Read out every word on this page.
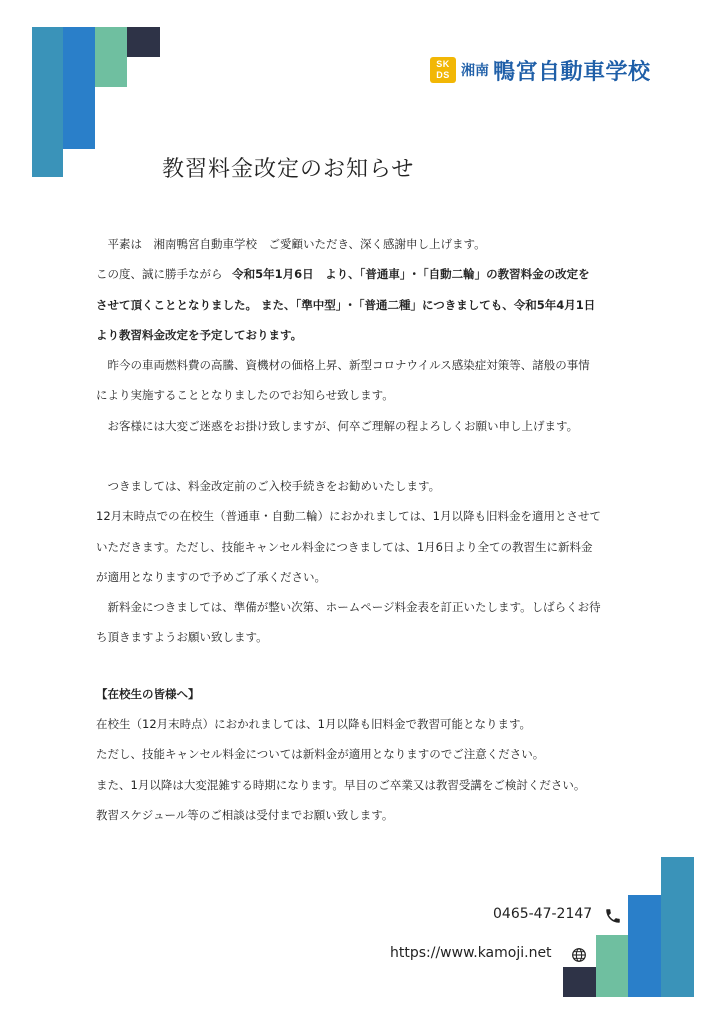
SK
DS 湘南 鴨宮自動車学校
教習料金改定のお知らせ
　平素は　湘南鴨宮自動車学校　ご愛顧いただき、深く感謝申し上げます。
この度、誠に勝手ながら 令和5年1月6日　より、「普通車」･「自動二輪」の教習料金の改定を
させて頂くこととなりました。 また、「準中型」･「普通二種」につきましても、令和5年4月1日
より教習料金改定を予定しております。
　昨今の車両燃料費の高騰、資機材の価格上昇、新型コロナウイルス感染症対策等、諸般の事情
により実施することとなりましたのでお知らせ致します。
　お客様には大変ご迷惑をお掛け致しますが、何卒ご理解の程よろしくお願い申し上げます。
　つきましては、料金改定前のご入校手続きをお勧めいたします。
12月末時点での在校生（普通車・自動二輪）におかれましては、1月以降も旧料金を適用とさせて
いただきます。ただし、技能キャンセル料金につきましては、1月6日より全ての教習生に新料金
が適用となりますので予めご了承ください。
　新料金につきましては、準備が整い次第、ホームページ料金表を訂正いたします。しばらくお待
ち頂きますようお願い致します。
【在校生の皆様へ】
在校生（12月末時点）におかれましては、1月以降も旧料金で教習可能となります。
ただし、技能キャンセル料金については新料金が適用となりますのでご注意ください。
また、1月以降は大変混雑する時期になります。早目のご卒業又は教習受講をご検討ください。
教習スケジュール等のご相談は受付までお願い致します。
0465-47-2147
https://www.kamoji.net
